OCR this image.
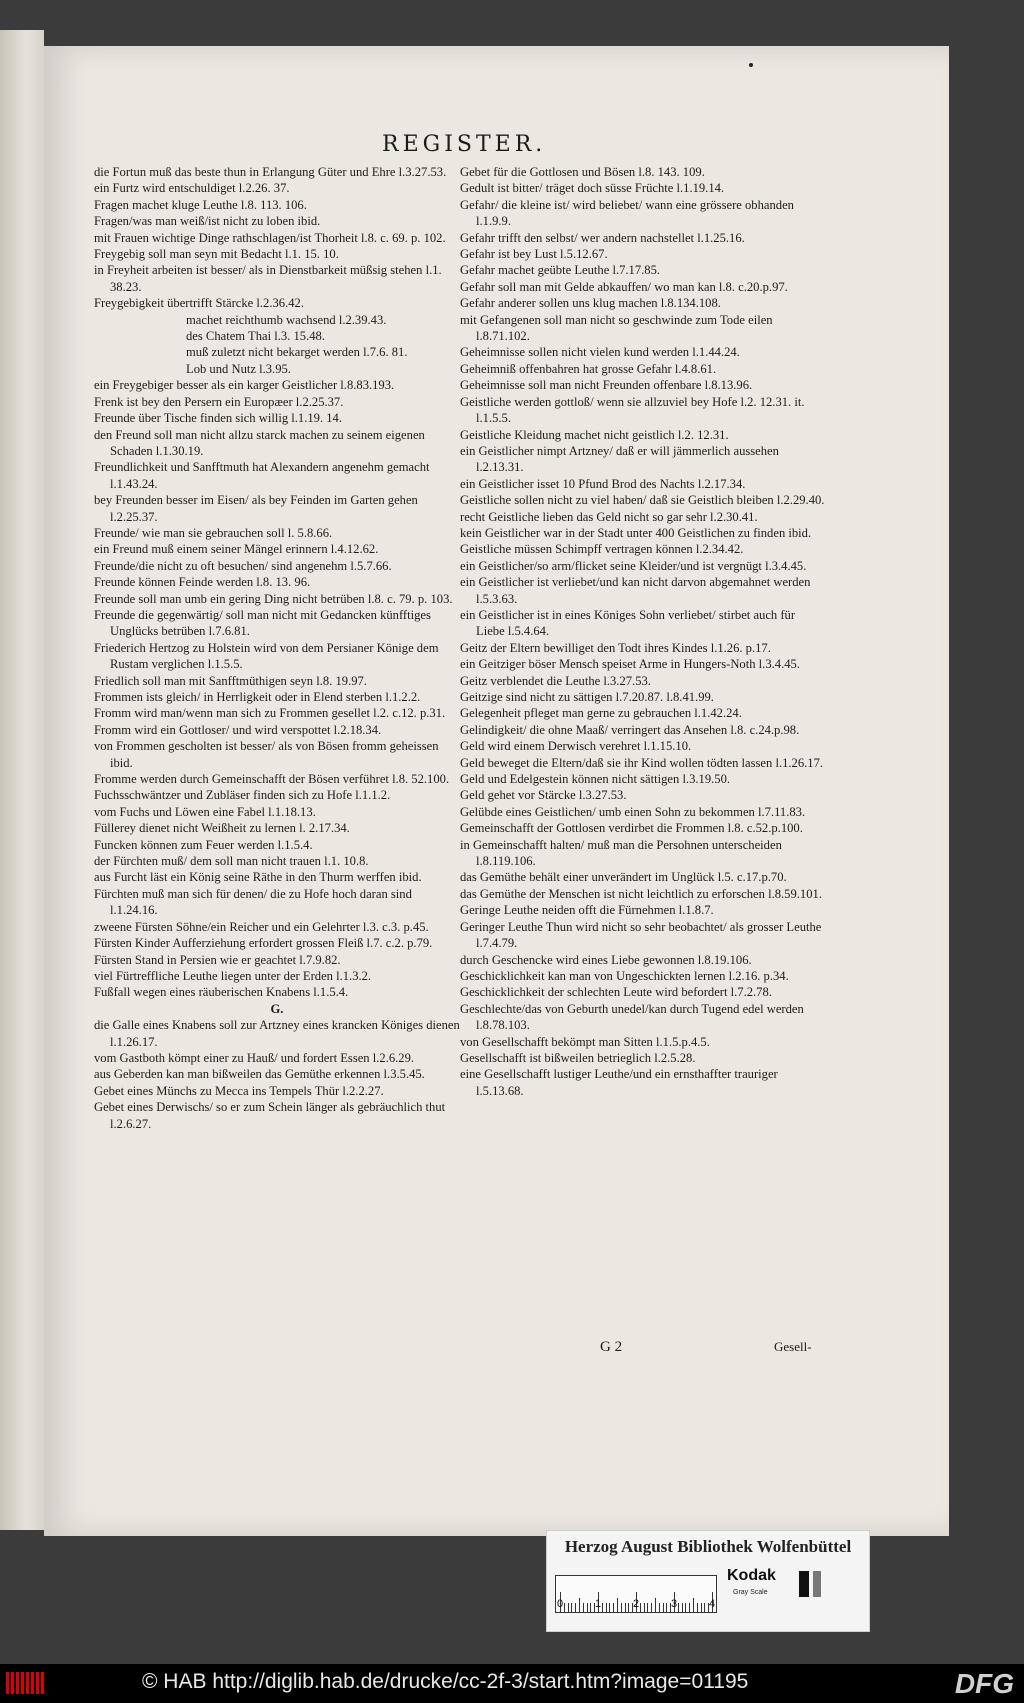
REGISTER.

die Fortun muß das beste thun in Erlangung Güter und Ehre l.3.27.53.

ein Furtz wird entschuldiget l.2.26. 37.

Fragen machet kluge Leuthe l.8. 113. 106.

Fragen/was man weiß/ist nicht zu loben ibid.

mit Frauen wichtige Dinge rathschlagen/ist Thorheit l.8. c. 69. p. 102.

Freygebig soll man seyn mit Bedacht l.1. 15. 10.

in Freyheit arbeiten ist besser/ als in Dienstbarkeit müßsig stehen l.1. 38.23.

Freygebigkeit übertrifft Stärcke l.2.36.42.

machet reichthumb wachsend l.2.39.43.

des Chatem Thai l.3. 15.48.

muß zuletzt nicht bekarget werden l.7.6. 81.

Lob und Nutz l.3.95.

ein Freygebiger besser als ein karger Geistlicher l.8.83.193.

Frenk ist bey den Persern ein Europæer l.2.25.37.

Freunde über Tische finden sich willig l.1.19. 14.

den Freund soll man nicht allzu starck machen zu seinem eigenen Schaden l.1.30.19.

Freundlichkeit und Sanfftmuth hat Alexandern angenehm gemacht l.1.43.24.

bey Freunden besser im Eisen/ als bey Feinden im Garten gehen l.2.25.37.

Freunde/ wie man sie gebrauchen soll l. 5.8.66.

ein Freund muß einem seiner Mängel erinnern l.4.12.62.

Freunde/die nicht zu oft besuchen/ sind angenehm l.5.7.66.

Freunde können Feinde werden l.8. 13. 96.

Freunde soll man umb ein gering Ding nicht betrüben l.8. c. 79. p. 103.

Freunde die gegenwärtig/ soll man nicht mit Gedancken künfftiges Unglücks betrüben l.7.6.81.

Friederich Hertzog zu Holstein wird von dem Persianer Könige dem Rustam verglichen l.1.5.5.

Friedlich soll man mit Sanfftmüthigen seyn l.8. 19.97.

Frommen ists gleich/ in Herrligkeit oder in Elend sterben l.1.2.2.

Fromm wird man/wenn man sich zu Frommen gesellet l.2. c.12. p.31.

Fromm wird ein Gottloser/ und wird verspottet l.2.18.34.

von Frommen gescholten ist besser/ als von Bösen fromm geheissen ibid.

Fromme werden durch Gemeinschafft der Bösen verführet l.8. 52.100.

Fuchsschwäntzer und Zubläser finden sich zu Hofe l.1.1.2.

vom Fuchs und Löwen eine Fabel l.1.18.13.

Füllerey dienet nicht Weißheit zu lernen l. 2.17.34.

Funcken können zum Feuer werden l.1.5.4.

der Fürchten muß/ dem soll man nicht trauen l.1. 10.8.

aus Furcht läst ein König seine Räthe in den Thurm werffen ibid.

Fürchten muß man sich für denen/ die zu Hofe hoch daran sind l.1.24.16.

zweene Fürsten Söhne/ein Reicher und ein Gelehrter l.3. c.3. p.45.

Fürsten Kinder Aufferziehung erfordert grossen Fleiß l.7. c.2. p.79.

Fürsten Stand in Persien wie er geachtet l.7.9.82.

viel Fürtreffliche Leuthe liegen unter der Erden l.1.3.2.

Fußfall wegen eines räuberischen Knabens l.1.5.4.

G.

die Galle eines Knabens soll zur Artzney eines krancken Königes dienen l.1.26.17.

vom Gastboth kömpt einer zu Hauß/ und fordert Essen l.2.6.29.

aus Geberden kan man bißweilen das Gemüthe erkennen l.3.5.45.

Gebet eines Münchs zu Mecca ins Tempels Thür l.2.2.27.

Gebet eines Derwischs/ so er zum Schein länger als gebräuchlich thut l.2.6.27.

Gebet für die Gottlosen und Bösen l.8. 143. 109.

Gedult ist bitter/ träget doch süsse Früchte l.1.19.14.

Gefahr/ die kleine ist/ wird beliebet/ wann eine grössere obhanden l.1.9.9.

Gefahr trifft den selbst/ wer andern nachstellet l.1.25.16.

Gefahr ist bey Lust l.5.12.67.

Gefahr machet geübte Leuthe l.7.17.85.

Gefahr soll man mit Gelde abkauffen/ wo man kan l.8. c.20.p.97.

Gefahr anderer sollen uns klug machen l.8.134.108.

mit Gefangenen soll man nicht so geschwinde zum Tode eilen l.8.71.102.

Geheimnisse sollen nicht vielen kund werden l.1.44.24.

Geheimniß offenbahren hat grosse Gefahr l.4.8.61.

Geheimnisse soll man nicht Freunden offenbare l.8.13.96.

Geistliche werden gottloß/ wenn sie allzuviel bey Hofe l.2. 12.31. it. l.1.5.5.

Geistliche Kleidung machet nicht geistlich l.2. 12.31.

ein Geistlicher nimpt Artzney/ daß er will jämmerlich aussehen l.2.13.31.

ein Geistlicher isset 10 Pfund Brod des Nachts l.2.17.34.

Geistliche sollen nicht zu viel haben/ daß sie Geistlich bleiben l.2.29.40.

recht Geistliche lieben das Geld nicht so gar sehr l.2.30.41.

kein Geistlicher war in der Stadt unter 400 Geistlichen zu finden ibid.

Geistliche müssen Schimpff vertragen können l.2.34.42.

ein Geistlicher/so arm/flicket seine Kleider/und ist vergnügt l.3.4.45.

ein Geistlicher ist verliebet/und kan nicht darvon abgemahnet werden l.5.3.63.

ein Geistlicher ist in eines Königes Sohn verliebet/ stirbet auch für Liebe l.5.4.64.

Geitz der Eltern bewilliget den Todt ihres Kindes l.1.26. p.17.

ein Geitziger böser Mensch speiset Arme in Hungers-Noth l.3.4.45.

Geitz verblendet die Leuthe l.3.27.53.

Geitzige sind nicht zu sättigen l.7.20.87. l.8.41.99.

Gelegenheit pfleget man gerne zu gebrauchen l.1.42.24.

Gelindigkeit/ die ohne Maaß/ verringert das Ansehen l.8. c.24.p.98.

Geld wird einem Derwisch verehret l.1.15.10.

Geld beweget die Eltern/daß sie ihr Kind wollen tödten lassen l.1.26.17.

Geld und Edelgestein können nicht sättigen l.3.19.50.

Geld gehet vor Stärcke l.3.27.53.

Gelübde eines Geistlichen/ umb einen Sohn zu bekommen l.7.11.83.

Gemeinschafft der Gottlosen verdirbet die Frommen l.8. c.52.p.100.

in Gemeinschafft halten/ muß man die Persohnen unterscheiden l.8.119.106.

das Gemüthe behält einer unverändert im Unglück l.5. c.17.p.70.

das Gemüthe der Menschen ist nicht leichtlich zu erforschen l.8.59.101.

Geringe Leuthe neiden offt die Fürnehmen l.1.8.7.

Geringer Leuthe Thun wird nicht so sehr beobachtet/ als grosser Leuthe l.7.4.79.

durch Geschencke wird eines Liebe gewonnen l.8.19.106.

Geschicklichkeit kan man von Ungeschickten lernen l.2.16. p.34.

Geschicklichkeit der schlechten Leute wird befordert l.7.2.78.

Geschlechte/das von Geburth unedel/kan durch Tugend edel werden l.8.78.103.

von Gesellschafft bekömpt man Sitten l.1.5.p.4.5.

Gesellschafft ist bißweilen betrieglich l.2.5.28.

eine Gesellschafft lustiger Leuthe/und ein ernsthaffter trauriger l.5.13.68.

G 2	Gesell-
Herzog August Bibliothek Wolfenbüttel
0	1	2	3	4
Kodak
Gray Scale
© HAB http://diglib.hab.de/drucke/cc-2f-3/start.htm?image=01195	DFG
